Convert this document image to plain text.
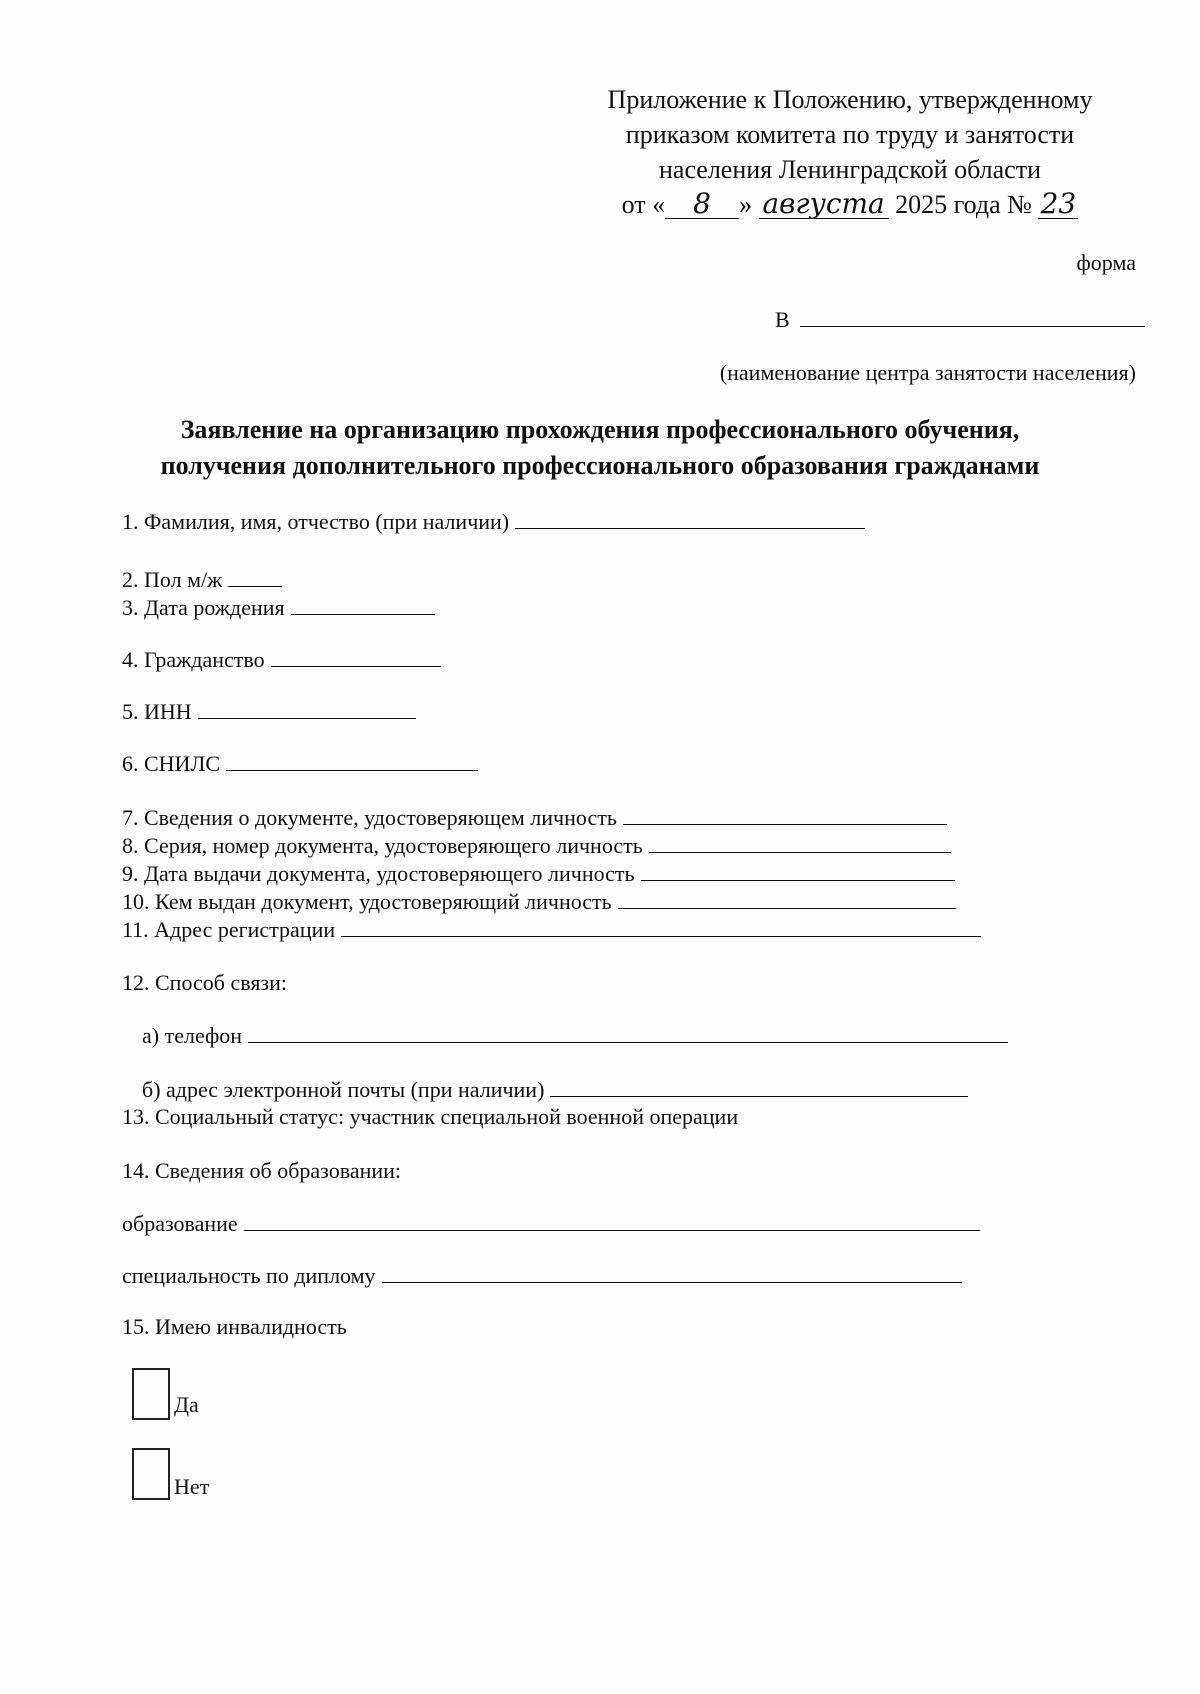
Приложение к Положению, утвержденному
приказом комитета по труду и занятости
населения Ленинградской области
от « 8 » августа 2025 года № 23
форма
В
(наименование центра занятости населения)
Заявление на организацию прохождения профессионального обучения,
получения дополнительного профессионального образования гражданами
1. Фамилия, имя, отчество (при наличии)
2. Пол м/ж
3. Дата рождения
4. Гражданство
5. ИНН
6. СНИЛС
7. Сведения о документе, удостоверяющем личность
8. Серия, номер документа, удостоверяющего личность
9. Дата выдачи документа, удостоверяющего личность
10. Кем выдан документ, удостоверяющий личность
11. Адрес регистрации
12. Способ связи:
а) телефон
б) адрес электронной почты (при наличии)
13. Социальный статус: участник специальной военной операции
14. Сведения об образовании:
образование
специальность по диплому
15. Имею инвалидность
Да
Нет
